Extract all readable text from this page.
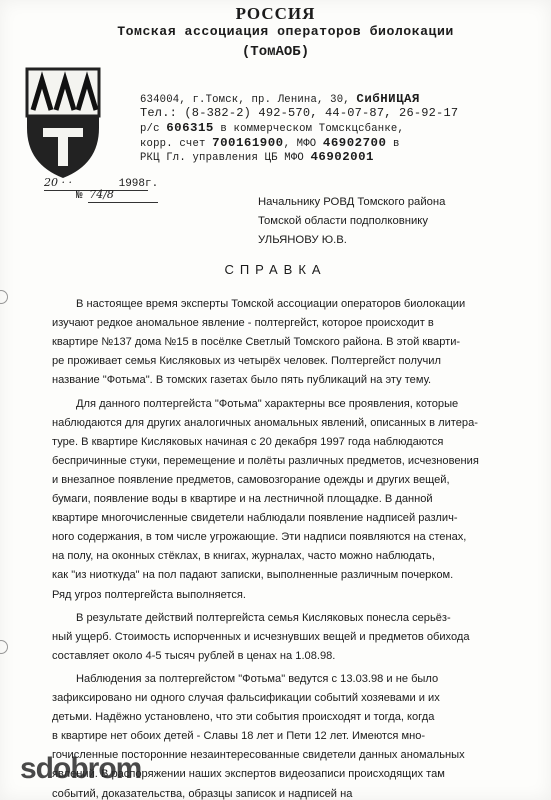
РОССИЯ
Томская ассоциация операторов биолокации
(ТомАОБ)
634004, г.Томск, пр. Ленина, 30, СибНИЦАЯ
Тел.: (8-382-2) 492-570, 44-07-87, 26-92-17
р/с 606315 в коммерческом Томскцсбанке,
корр. счет 700161900, МФО 46902700 в
РКЦ Гл. управления ЦБ МФО 46902001
20 · ·	1998г.
№ 74/8
Начальнику РОВД Томского района
Томской области подполковнику
УЛЬЯНОВУ Ю.В.
СПРАВКА
В настоящее время эксперты Томской ассоциации операторов биолокации
изучают редкое аномальное явление - полтергейст, которое происходит в
квартире №137 дома №15 в посёлке Светлый Томского района. В этой кварти-
ре проживает семья Кисляковых из четырёх человек. Полтергейст получил
название "Фотьма". В томских газетах было пять публикаций на эту тему.
Для данного полтергейста "Фотьма" характерны все проявления, которые
наблюдаются для других аналогичных аномальных явлений, описанных в литера-
туре. В квартире Кисляковых начиная с 20 декабря 1997 года наблюдаются
беспричинные стуки, перемещение и полёты различных предметов, исчезновения
и внезапное появление предметов, самовозгорание одежды и других вещей,
бумаги, появление воды в квартире и на лестничной площадке. В данной
квартире многочисленные свидетели наблюдали появление надписей различ-
ного содержания, в том числе угрожающие. Эти надписи появляются на стенах,
на полу, на оконных стёклах, в книгах, журналах, часто можно наблюдать,
как "из ниоткуда" на пол падают записки, выполненные различным почерком.
Ряд угроз полтергейста выполняется.
В результате действий полтергейста семья Кисляковых понесла серьёз-
ный ущерб. Стоимость испорченных и исчезнувших вещей и предметов обихода
составляет около 4-5 тысяч рублей в ценах на 1.08.98.
Наблюдения за полтергейстом "Фотьма" ведутся с 13.03.98 и не было
зафиксировано ни одного случая фальсификации событий хозяевами и их
детьми. Надёжно установлено, что эти события происходят и тогда, когда
в квартире нет обоих детей - Славы 18 лет и Пети 12 лет. Имеются мно-
гочисленные посторонние незаинтересованные свидетели данных аномальных
явлений. В распоряжении наших экспертов видеозаписи происходящих там
событий, доказательства, образцы записок и надписей на
sdobrom
